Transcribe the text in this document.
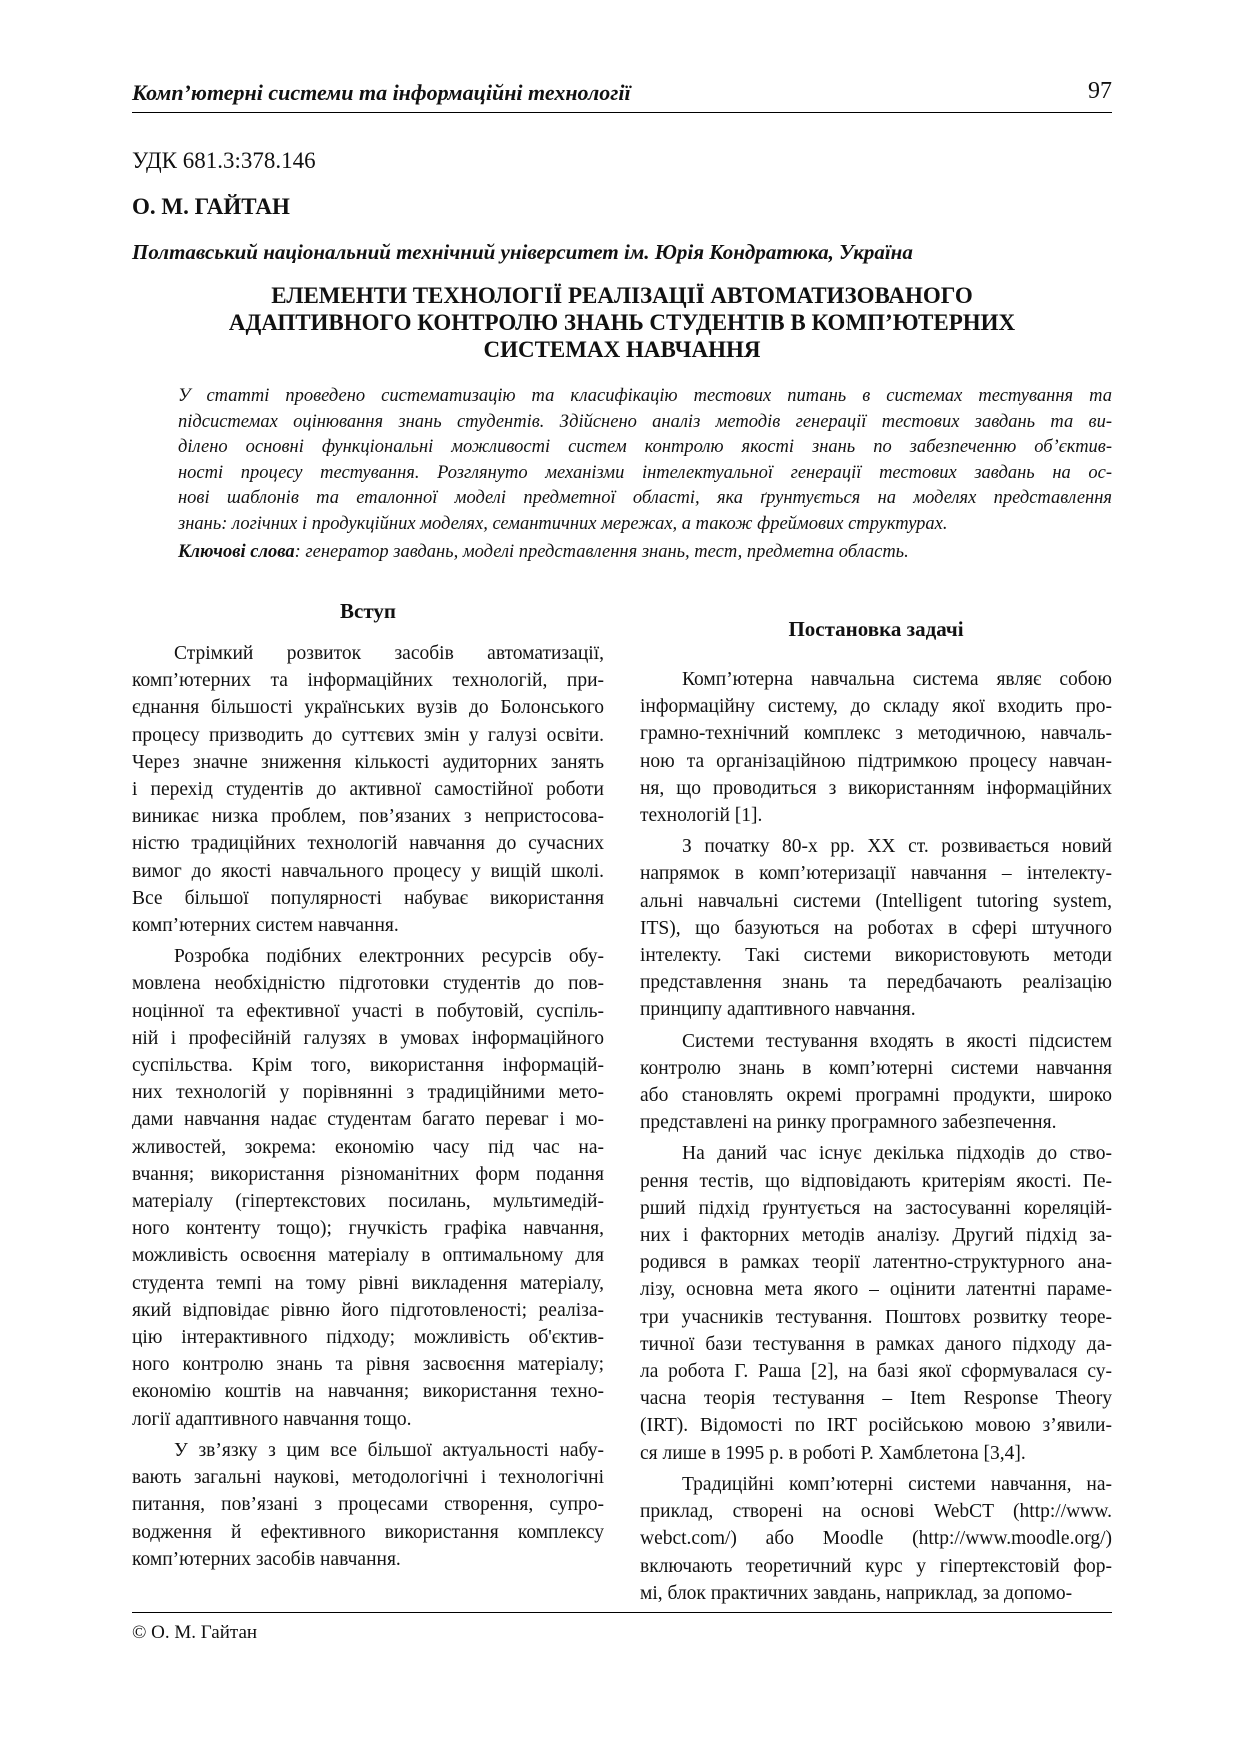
Комп’ютерні системи та інформаційні технології	97
УДК 681.3:378.146
О. М. ГАЙТАН
Полтавський національний технічний університет ім. Юрія Кондратюка, Україна
ЕЛЕМЕНТИ ТЕХНОЛОГІЇ РЕАЛІЗАЦІЇ АВТОМАТИЗОВАНОГО
АДАПТИВНОГО КОНТРОЛЮ ЗНАНЬ СТУДЕНТІВ В КОМП’ЮТЕРНИХ
СИСТЕМАХ НАВЧАННЯ
У статті проведено систематизацію та класифікацію тестових питань в системах тестування та
підсистемах оцінювання знань студентів. Здійснено аналіз методів генерації тестових завдань та ви-
ділено основні функціональні можливості систем контролю якості знань по забезпеченню об’єктив-
ності процесу тестування. Розглянуто механізми інтелектуальної генерації тестових завдань на ос-
нові шаблонів та еталонної моделі предметної області, яка ґрунтується на моделях представлення
знань: логічних і продукційних моделях, семантичних мережах, а також фреймових структурах.
Ключові слова: генератор завдань, моделі представлення знань, тест, предметна область.
Вступ
Стрімкий розвиток засобів автоматизації,
комп’ютерних та інформаційних технологій, при-
єднання більшості українських вузів до Болонського
процесу призводить до суттєвих змін у галузі освіти.
Через значне зниження кількості аудиторних занять
і перехід студентів до активної самостійної роботи
виникає низка проблем, пов’язаних з непристосова-
ністю традиційних технологій навчання до сучасних
вимог до якості навчального процесу у вищій школі.
Все більшої популярності набуває використання
комп’ютерних систем навчання.
Розробка подібних електронних ресурсів обу-
мовлена необхідністю підготовки студентів до пов-
ноцінної та ефективної участі в побутовій, суспіль-
ній і професійній галузях в умовах інформаційного
суспільства. Крім того, використання інформацій-
них технологій у порівнянні з традиційними мето-
дами навчання надає студентам багато переваг і мо-
жливостей, зокрема: економію часу під час на-
вчання; використання різноманітних форм подання
матеріалу (гіпертекстових посилань, мультимедій-
ного контенту тощо); гнучкість графіка навчання,
можливість освоєння матеріалу в оптимальному для
студента темпі на тому рівні викладення матеріалу,
який відповідає рівню його підготовленості; реаліза-
цію інтерактивного підходу; можливість об'єктив-
ного контролю знань та рівня засвоєння матеріалу;
економію коштів на навчання; використання техно-
логії адаптивного навчання тощо.
У зв’язку з цим все більшої актуальності набу-
вають загальні наукові, методологічні і технологічні
питання, пов’язані з процесами створення, супро-
водження й ефективного використання комплексу
комп’ютерних засобів навчання.
Постановка задачі
Комп’ютерна навчальна система являє собою
інформаційну систему, до складу якої входить про-
грамно-технічний комплекс з методичною, навчаль-
ною та організаційною підтримкою процесу навчан-
ня, що проводиться з використанням інформаційних
технологій [1].
З початку 80-х рр. ХХ ст. розвивається новий
напрямок в комп’ютеризації навчання – інтелекту-
альні навчальні системи (Intelligent tutoring system,
ITS), що базуються на роботах в сфері штучного
інтелекту. Такі системи використовують методи
представлення знань та передбачають реалізацію
принципу адаптивного навчання.
Системи тестування входять в якості підсистем
контролю знань в комп’ютерні системи навчання
або становлять окремі програмні продукти, широко
представлені на ринку програмного забезпечення.
На даний час існує декілька підходів до ство-
рення тестів, що відповідають критеріям якості. Пе-
рший підхід ґрунтується на застосуванні кореляцій-
них і факторних методів аналізу. Другий підхід за-
родився в рамках теорії латентно-структурного ана-
лізу, основна мета якого – оцінити латентні параме-
три учасників тестування. Поштовх розвитку теоре-
тичної бази тестування в рамках даного підходу да-
ла робота Г. Раша [2], на базі якої сформувалася су-
часна теорія тестування – Item Response Theory
(IRT). Відомості по IRT російською мовою з’явили-
ся лише в 1995 р. в роботі Р. Хамблетона [3,4].
Традиційні комп’ютерні системи навчання, на-
приклад, створені на основі WebCT (http://www.
webct.com/) або Moodle (http://www.moodle.org/)
включають теоретичний курс у гіпертекстовій фор-
мі, блок практичних завдань, наприклад, за допомо-
© О. М. Гайтан
